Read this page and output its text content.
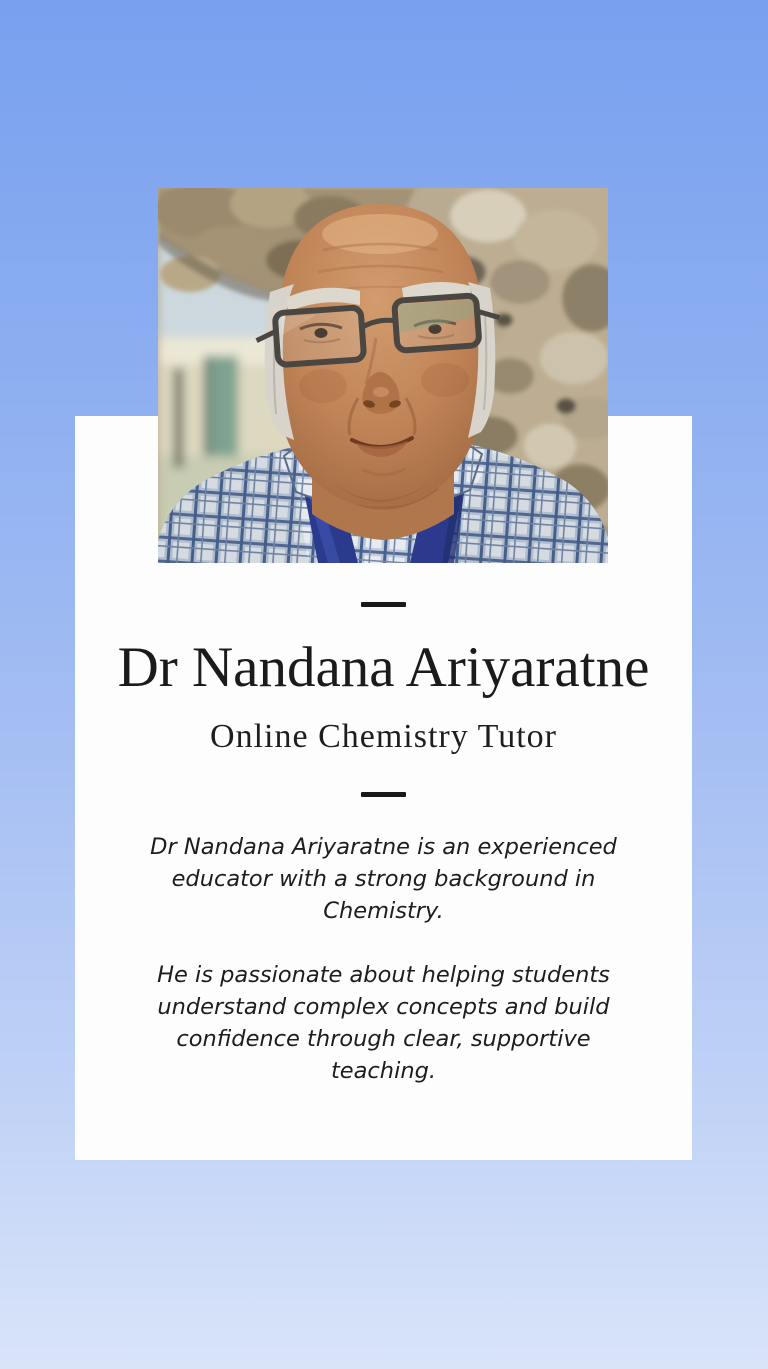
Dr Nandana Ariyaratne
Online Chemistry Tutor

Dr Nandana Ariyaratne is an experienced
educator with a strong background in
Chemistry.

He is passionate about helping students
understand complex concepts and build
confidence through clear, supportive
teaching.
